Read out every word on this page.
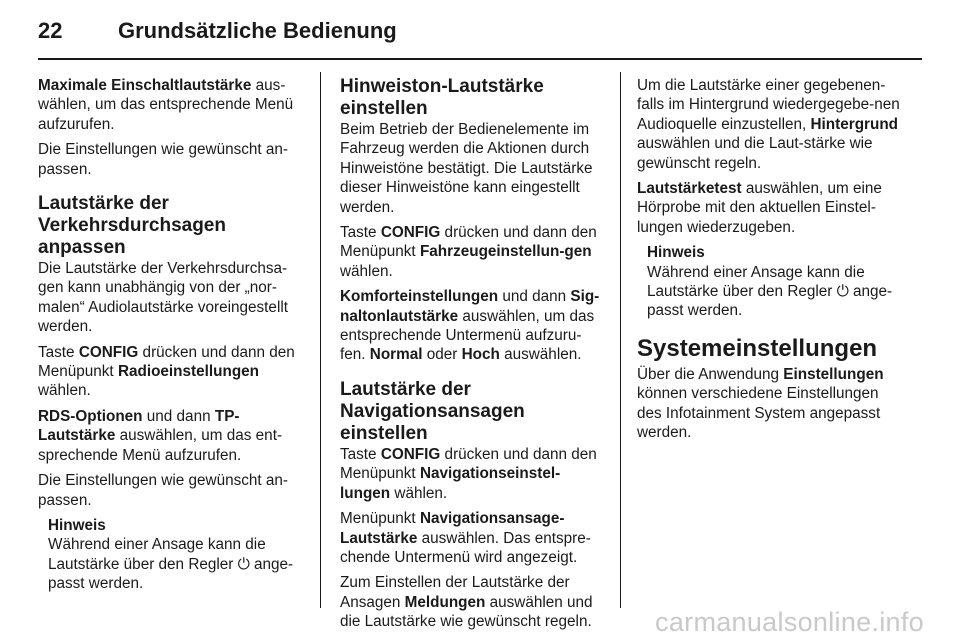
22	Grundsätzliche Bedienung

Maximale Einschaltlautstärke aus-wählen, um das entsprechende Menü aufzurufen.

Die Einstellungen wie gewünscht an-passen.

Lautstärke der Verkehrsdurchsagen anpassen

Die Lautstärke der Verkehrsdurchsa-gen kann unabhängig von der „nor-malen“ Audiolautstärke voreingestellt werden.

Taste CONFIG drücken und dann den Menüpunkt Radioeinstellungen wählen.

RDS-Optionen und dann TP-Lautstärke auswählen, um das ent-sprechende Menü aufzurufen.

Die Einstellungen wie gewünscht an-passen.

Hinweis
Während einer Ansage kann die Lautstärke über den Regler ⏻ ange-passt werden.
Hinweiston-Lautstärke einstellen

Beim Betrieb der Bedienelemente im Fahrzeug werden die Aktionen durch Hinweistöne bestätigt. Die Lautstärke dieser Hinweistöne kann eingestellt werden.

Taste CONFIG drücken und dann den Menüpunkt Fahrzeugeinstellun-gen wählen.

Komforteinstellungen und dann Sig-naltonlautstärke auswählen, um das entsprechende Untermenü aufzuru-fen. Normal oder Hoch auswählen.

Lautstärke der Navigationsansagen einstellen

Taste CONFIG drücken und dann den Menüpunkt Navigationseinstel-lungen wählen.

Menüpunkt Navigationsansage-Lautstärke auswählen. Das entspre-chende Untermenü wird angezeigt.

Zum Einstellen der Lautstärke der Ansagen Meldungen auswählen und die Lautstärke wie gewünscht regeln.

Um die Lautstärke einer gegebenen-falls im Hintergrund wiedergegebe-nen Audioquelle einzustellen, Hintergrund auswählen und die Laut-stärke wie gewünscht regeln.

Lautstärketest auswählen, um eine Hörprobe mit den aktuellen Einstel-lungen wiederzugeben.

Hinweis
Während einer Ansage kann die Lautstärke über den Regler ⏻ ange-passt werden.
Systemeinstellungen

Über die Anwendung Einstellungen können verschiedene Einstellungen des Infotainment System angepasst werden.

carmanualsonline.info
